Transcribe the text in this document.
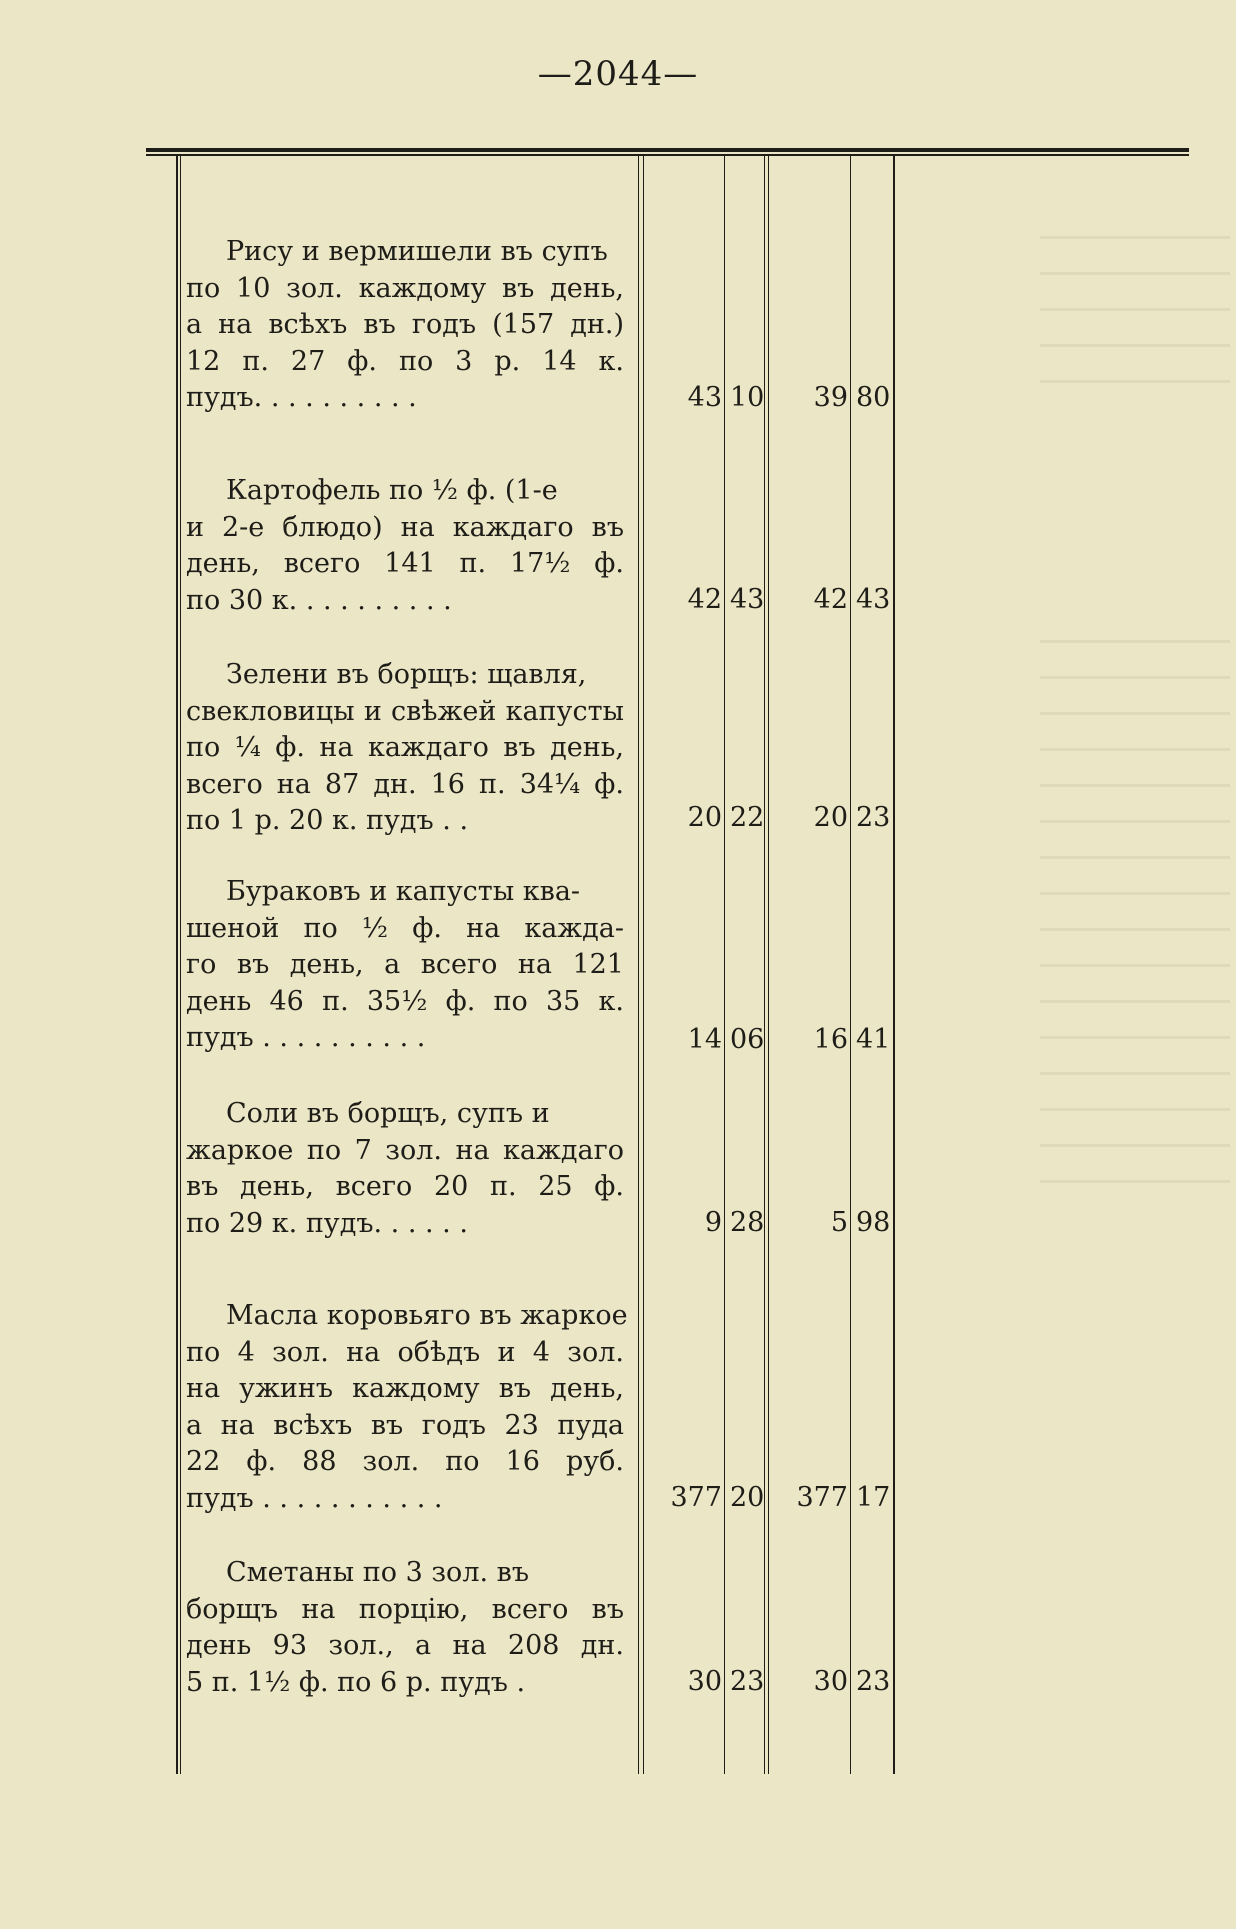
—2044—
Рису и вермишели въ супъ
по 10 зол. каждому въ день,
а на всѣхъ въ годъ (157 дн.)
12 п. 27 ф. по 3 р. 14 к.
пудъ. . . . . . . . . .	43 10	39 80
Картофель по ½ ф. (1-е
и 2-е блюдо) на каждаго въ
день, всего 141 п. 17½ ф.
по 30 к. . . . . . . . . .	42 43	42 43
Зелени въ борщъ: щавля,
свекловицы и свѣжей капусты
по ¼ ф. на каждаго въ день,
всего на 87 дн. 16 п. 34¼ ф.
по 1 р. 20 к. пудъ . .	20 22	20 23
Бураковъ и капусты ква-
шеной по ½ ф. на кажда-
го въ день, а всего на 121
день 46 п. 35½ ф. по 35 к.
пудъ . . . . . . . . . .	14 06	16 41
Соли въ борщъ, супъ и
жаркое по 7 зол. на каждаго
въ день, всего 20 п. 25 ф.
по 29 к. пудъ. . . . . .	9 28	5 98
Масла коровьяго въ жаркое
по 4 зол. на обѣдъ и 4 зол.
на ужинъ каждому въ день,
а на всѣхъ въ годъ 23 пуда
22 ф. 88 зол. по 16 руб.
пудъ . . . . . . . . . . .	377 20	377 17
Сметаны по 3 зол. въ
борщъ на порцію, всего въ
день 93 зол., а на 208 дн.
5 п. 1½ ф. по 6 р. пудъ .	30 23	30 23
